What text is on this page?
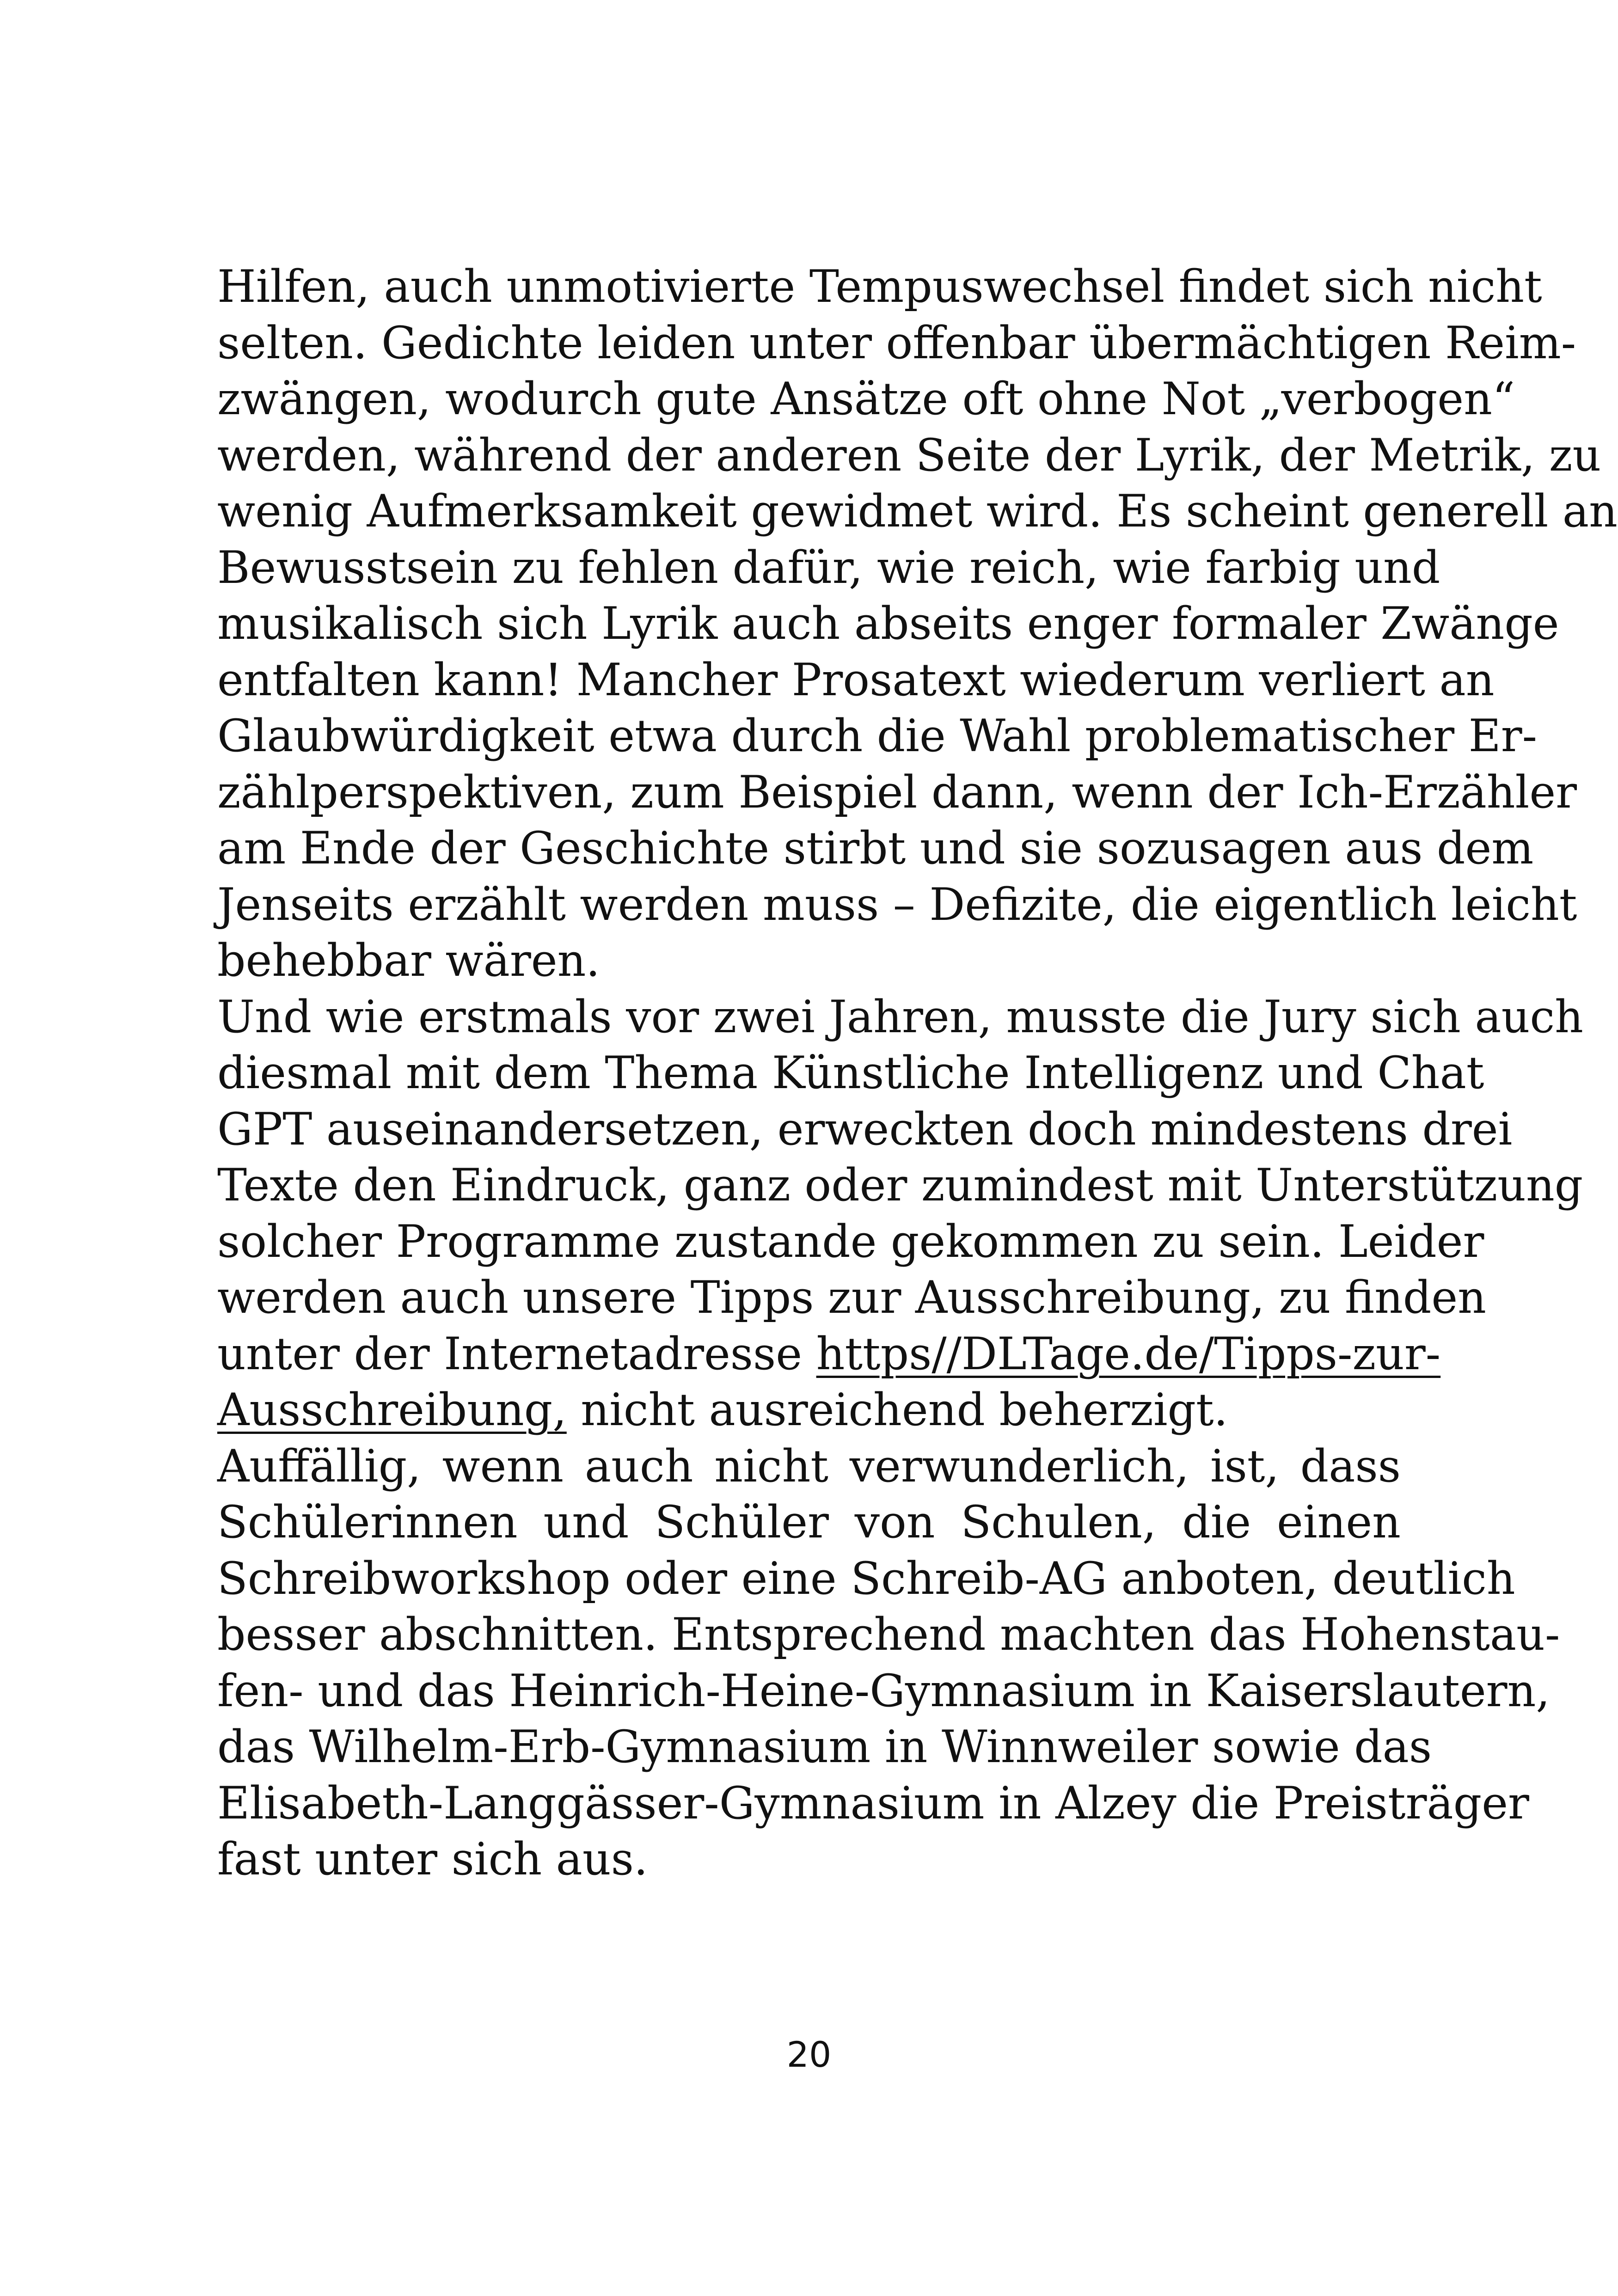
Hilfen, auch unmotivierte Tempuswechsel findet sich nicht
selten. Gedichte leiden unter offenbar übermächtigen Reim-
zwängen, wodurch gute Ansätze oft ohne Not „verbogen“
werden, während der anderen Seite der Lyrik, der Metrik, zu
wenig Aufmerksamkeit gewidmet wird. Es scheint generell an
Bewusstsein zu fehlen dafür, wie reich, wie farbig und
musikalisch sich Lyrik auch abseits enger formaler Zwänge
entfalten kann! Mancher Prosatext wiederum verliert an
Glaubwürdigkeit etwa durch die Wahl problematischer Er-
zählperspektiven, zum Beispiel dann, wenn der Ich-Erzähler
am Ende der Geschichte stirbt und sie sozusagen aus dem
Jenseits erzählt werden muss – Defizite, die eigentlich leicht
behebbar wären.
Und wie erstmals vor zwei Jahren, musste die Jury sich auch
diesmal mit dem Thema Künstliche Intelligenz und Chat
GPT auseinandersetzen, erweckten doch mindestens drei
Texte den Eindruck, ganz oder zumindest mit Unterstützung
solcher Programme zustande gekommen zu sein. Leider
werden auch unsere Tipps zur Ausschreibung, zu finden
unter der Internetadresse https//DLTage.de/Tipps-zur-
Ausschreibung, nicht ausreichend beherzigt.
Auffällig, wenn auch nicht verwunderlich, ist, dass
Schülerinnen und Schüler von Schulen, die einen
Schreibworkshop oder eine Schreib-AG anboten, deutlich
besser abschnitten. Entsprechend machten das Hohenstau-
fen- und das Heinrich-Heine-Gymnasium in Kaiserslautern,
das Wilhelm-Erb-Gymnasium in Winnweiler sowie das
Elisabeth-Langgässer-Gymnasium in Alzey die Preisträger
fast unter sich aus.
20
